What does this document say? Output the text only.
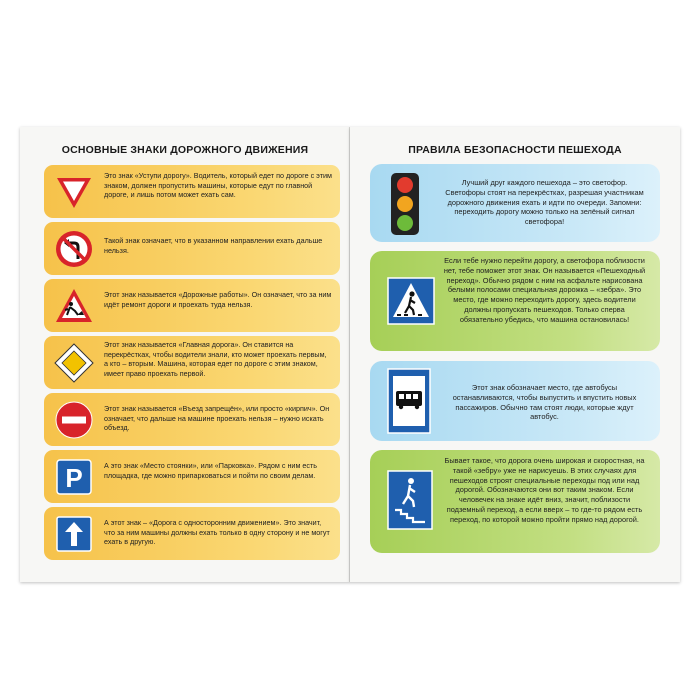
ОСНОВНЫЕ ЗНАКИ ДОРОЖНОГО ДВИЖЕНИЯ
Это знак «Уступи дорогу». Водитель, который едет по дороге с этим знаком, должен пропустить машины, которые едут по главной дороге, и лишь потом может ехать сам.
Такой знак означает, что в указанном направлении ехать дальше нельзя.
Этот знак называется «Дорожные работы». Он означает, что за ним идёт ремонт дороги и проехать туда нельзя.
Этот знак называется «Главная дорога». Он ставится на перекрёстках, чтобы водители знали, кто может проехать первым, а кто – вторым. Машина, которая едет по дороге с этим знаком, имеет право проехать первой.
Этот знак называется «Въезд запрещён», или просто «кирпич». Он означает, что дальше на машине проехать нельзя – нужно искать объезд.
P	А это знак «Место стоянки», или «Парковка». Рядом с ним есть площадка, где можно припарковаться и пойти по своим делам.
А этот знак – «Дорога с односторонним движением». Это значит, что за ним машины должны ехать только в одну сторону и не могут ехать в другую.
ПРАВИЛА БЕЗОПАСНОСТИ ПЕШЕХОДА
Лучший друг каждого пешехода – это светофор. Светофоры стоят на перекрёстках, разрешая участникам дорожного движения ехать и идти по очереди. Запомни: переходить дорогу можно только на зелёный сигнал светофора!
Если тебе нужно перейти дорогу, а светофора поблизости нет, тебе поможет этот знак. Он называется «Пешеходный переход». Обычно рядом с ним на асфальте нарисована белыми полосами специальная дорожка – «зебра». Это место, где можно переходить дорогу, здесь водители должны пропускать пешеходов. Только сперва обязательно убедись, что машина остановилась!
Этот знак обозначает место, где автобусы останавливаются, чтобы выпустить и впустить новых пассажиров. Обычно там стоят люди, которые ждут автобус.
Бывает такое, что дорога очень широкая и скоростная, на такой «зебру» уже не нарисуешь. В этих случаях для пешеходов строят специальные переходы под или над дорогой. Обозначаются они вот таким знаком. Если человечек на знаке идёт вниз, значит, поблизости подземный переход, а если вверх – то где-то рядом есть переход, по которой можно пройти прямо над дорогой.
